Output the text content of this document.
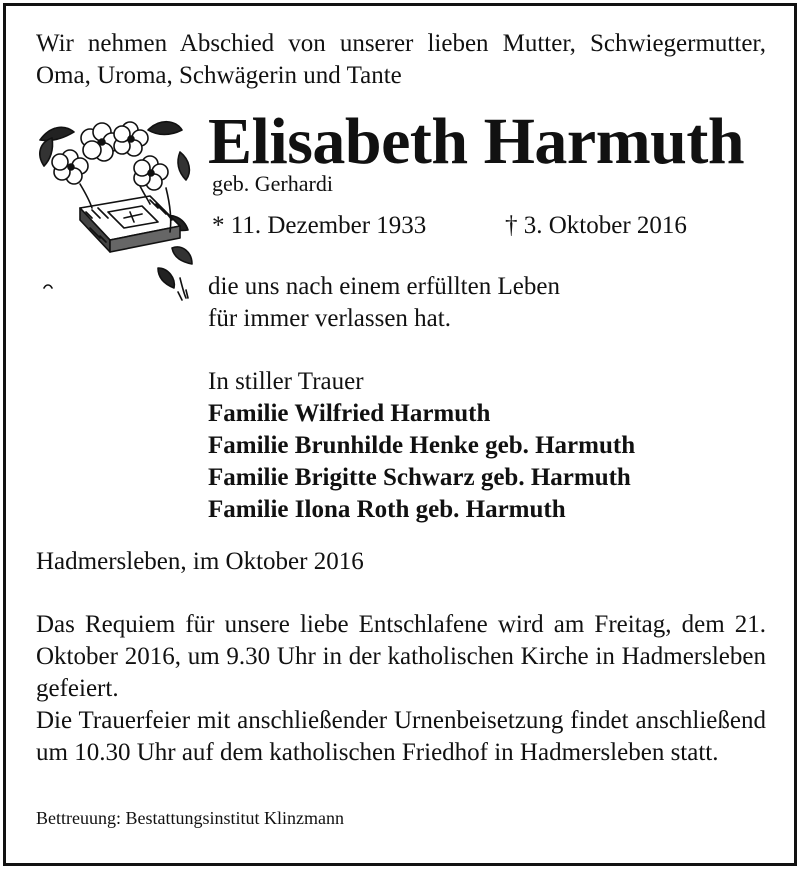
Wir nehmen Abschied von unserer lieben Mutter, Schwiegermutter, Oma, Uroma, Schwägerin und Tante

Elisabeth Harmuth
geb. Gerhardi
* 11. Dezember 1933	† 3. Oktober 2016
die uns nach einem erfüllten Leben
für immer verlassen hat.
In stiller Trauer
Familie Wilfried Harmuth
Familie Brunhilde Henke geb. Harmuth
Familie Brigitte Schwarz geb. Harmuth
Familie Ilona Roth geb. Harmuth
Hadmersleben, im Oktober 2016

Das Requiem für unsere liebe Entschlafene wird am Freitag, dem 21. Oktober 2016, um 9.30 Uhr in der katholischen Kirche in Hadmersleben gefeiert.

Die Trauerfeier mit anschließender Urnenbeisetzung findet anschließend um 10.30 Uhr auf dem katholischen Friedhof in Hadmersleben statt.

Bettreuung: Bestattungsinstitut Klinzmann
